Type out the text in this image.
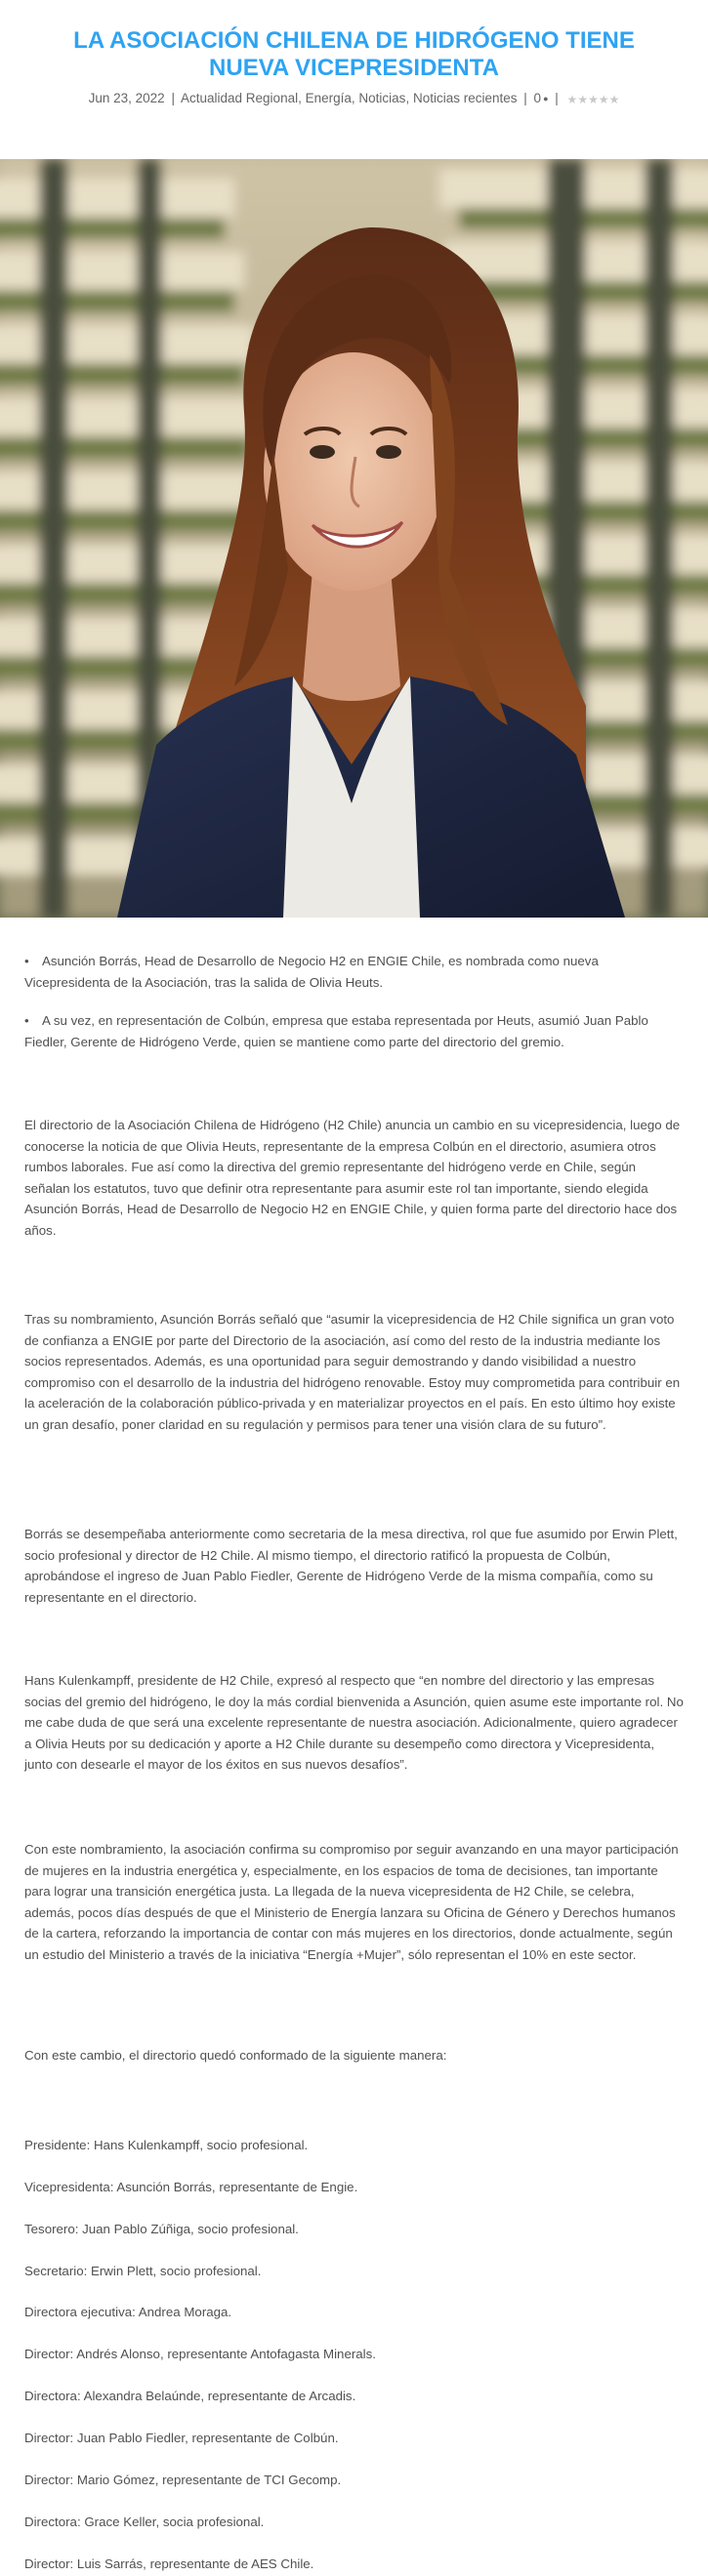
LA ASOCIACIÓN CHILENA DE HIDRÓGENO TIENE NUEVA VICEPRESIDENTA
Jun 23, 2022 | Actualidad Regional, Energía, Noticias, Noticias recientes | 0 ● | ★★★★★

• Asunción Borrás, Head de Desarrollo de Negocio H2 en ENGIE Chile, es nombrada como nueva Vicepresidenta de la Asociación, tras la salida de Olivia Heuts.

• A su vez, en representación de Colbún, empresa que estaba representada por Heuts, asumió Juan Pablo Fiedler, Gerente de Hidrógeno Verde, quien se mantiene como parte del directorio del gremio.

El directorio de la Asociación Chilena de Hidrógeno (H2 Chile) anuncia un cambio en su vicepresidencia, luego de conocerse la noticia de que Olivia Heuts, representante de la empresa Colbún en el directorio, asumiera otros rumbos laborales. Fue así como la directiva del gremio representante del hidrógeno verde en Chile, según señalan los estatutos, tuvo que definir otra representante para asumir este rol tan importante, siendo elegida Asunción Borrás, Head de Desarrollo de Negocio H2 en ENGIE Chile, y quien forma parte del directorio hace dos años.

Tras su nombramiento, Asunción Borrás señaló que “asumir la vicepresidencia de H2 Chile significa un gran voto de confianza a ENGIE por parte del Directorio de la asociación, así como del resto de la industria mediante los socios representados. Además, es una oportunidad para seguir demostrando y dando visibilidad a nuestro compromiso con el desarrollo de la industria del hidrógeno renovable. Estoy muy comprometida para contribuir en la aceleración de la colaboración público-privada y en materializar proyectos en el país. En esto último hoy existe un gran desafío, poner claridad en su regulación y permisos para tener una visión clara de su futuro”.

Borrás se desempeñaba anteriormente como secretaria de la mesa directiva, rol que fue asumido por Erwin Plett, socio profesional y director de H2 Chile. Al mismo tiempo, el directorio ratificó la propuesta de Colbún, aprobándose el ingreso de Juan Pablo Fiedler, Gerente de Hidrógeno Verde de la misma compañía, como su representante en el directorio.

Hans Kulenkampff, presidente de H2 Chile, expresó al respecto que “en nombre del directorio y las empresas socias del gremio del hidrógeno, le doy la más cordial bienvenida a Asunción, quien asume este importante rol. No me cabe duda de que será una excelente representante de nuestra asociación. Adicionalmente, quiero agradecer a Olivia Heuts por su dedicación y aporte a H2 Chile durante su desempeño como directora y Vicepresidenta, junto con desearle el mayor de los éxitos en sus nuevos desafíos”.

Con este nombramiento, la asociación confirma su compromiso por seguir avanzando en una mayor participación de mujeres en la industria energética y, especialmente, en los espacios de toma de decisiones, tan importante para lograr una transición energética justa. La llegada de la nueva vicepresidenta de H2 Chile, se celebra, además, pocos días después de que el Ministerio de Energía lanzara su Oficina de Género y Derechos humanos de la cartera, reforzando la importancia de contar con más mujeres en los directorios, donde actualmente, según un estudio del Ministerio a través de la iniciativa “Energía +Mujer”, sólo representan el 10% en este sector.

Con este cambio, el directorio quedó conformado de la siguiente manera:

Presidente: Hans Kulenkampff, socio profesional.

Vicepresidenta: Asunción Borrás, representante de Engie.

Tesorero: Juan Pablo Zúñiga, socio profesional.

Secretario: Erwin Plett, socio profesional.

Directora ejecutiva: Andrea Moraga.

Director: Andrés Alonso, representante Antofagasta Minerals.

Directora: Alexandra Belaúnde, representante de Arcadis.

Director: Juan Pablo Fiedler, representante de Colbún.

Director: Mario Gómez, representante de TCI Gecomp.

Directora: Grace Keller, socia profesional.

Director: Luis Sarrás, representante de AES Chile.
